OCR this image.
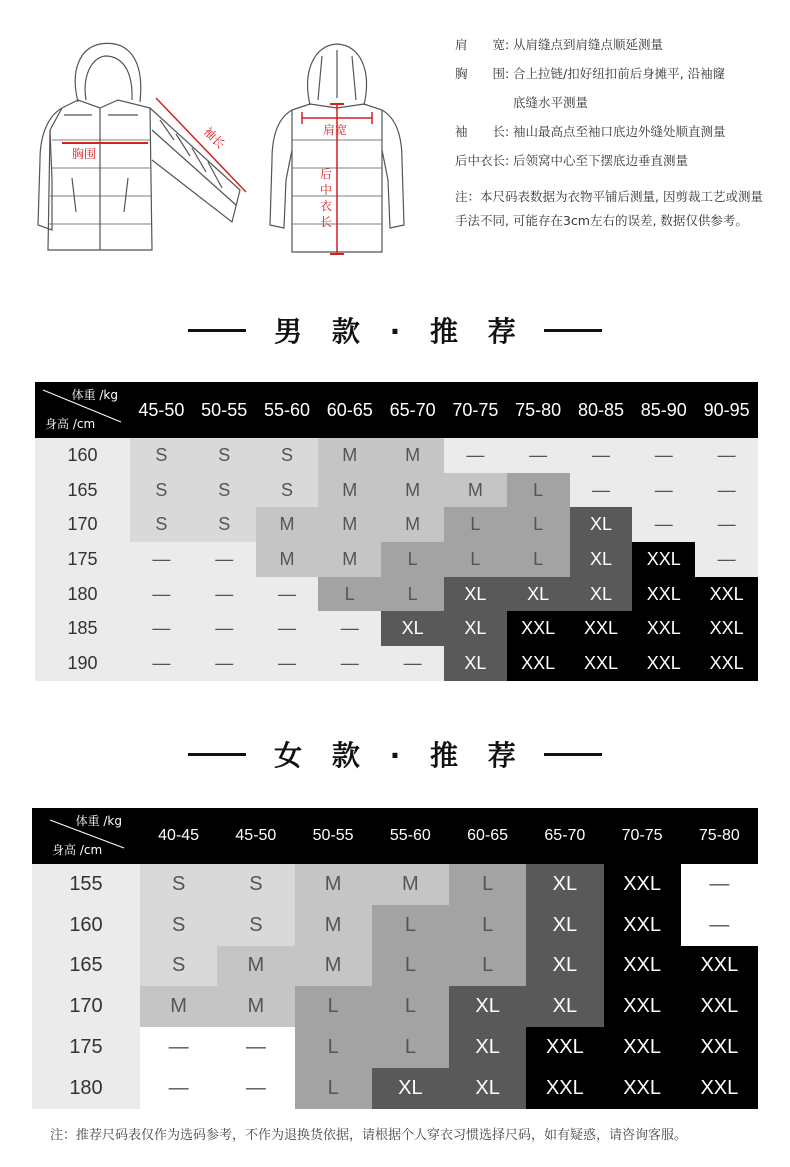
胸围
袖长	肩宽
后
中
衣
长
肩　　宽: 从肩缝点到肩缝点顺延测量
胸　　围: 合上拉链/扣好纽扣前后身摊平, 沿袖窿
底缝水平测量
袖　　长: 袖山最高点至袖口底边外缝处顺直测量
后中衣长: 后领窝中心至下摆底边垂直测量
注：本尺码表数据为衣物平铺后测量, 因剪裁工艺或测量手法不同, 可能存在3cm左右的误差, 数据仅供参考。
男 款 · 推 荐
体重 /kg
身高 /cm	45-50	50-55	55-60	60-65	65-70	70-75	75-80	80-85	85-90	90-95
160	S	S	S	M	M	—	—	—	—	—
165	S	S	S	M	M	M	L	—	—	—
170	S	S	M	M	M	L	L	XL	—	—
175	—	—	M	M	L	L	L	XL	XXL	—
180	—	—	—	L	L	XL	XL	XL	XXL	XXL
185	—	—	—	—	XL	XL	XXL	XXL	XXL	XXL
190	—	—	—	—	—	XL	XXL	XXL	XXL	XXL
女 款 · 推 荐
体重 /kg
身高 /cm	40-45	45-50	50-55	55-60	60-65	65-70	70-75	75-80
155	S	S	M	M	L	XL	XXL	—
160	S	S	M	L	L	XL	XXL	—
165	S	M	M	L	L	XL	XXL	XXL
170	M	M	L	L	XL	XL	XXL	XXL
175	—	—	L	L	XL	XXL	XXL	XXL
180	—	—	L	XL	XL	XXL	XXL	XXL
注：推荐尺码表仅作为选码参考，不作为退换货依据，请根据个人穿衣习惯选择尺码，如有疑惑，请咨询客服。
